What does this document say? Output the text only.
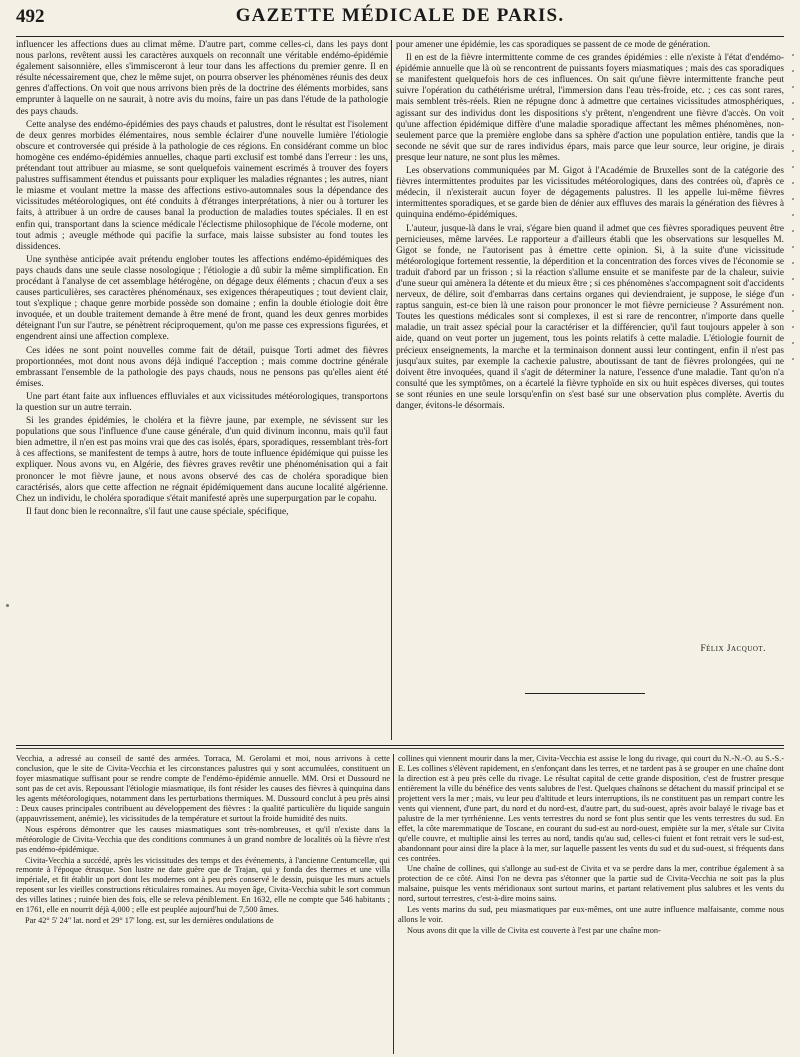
492	GAZETTE MÉDICALE DE PARIS.

influencer les affections dues au climat même. D'autre part, comme celles-ci, dans les pays dont nous parlons, revêtent aussi les caractères auxquels on reconnaît une véritable endémo-épidémie également saisonnière, elles s'immisceront à leur tour dans les affections du premier genre. Il en résulte nécessairement que, chez le même sujet, on pourra observer les phénomènes réunis des deux genres d'affections. On voit que nous arrivons bien près de la doctrine des éléments morbides, sans emprunter à laquelle on ne saurait, à notre avis du moins, faire un pas dans l'étude de la pathologie des pays chauds.

Cette analyse des endémo-épidémies des pays chauds et palustres, dont le résultat est l'isolement de deux genres morbides élémentaires, nous semble éclairer d'une nouvelle lumière l'étiologie obscure et controversée qui préside à la pathologie de ces régions. En considérant comme un bloc homogène ces endémo-épidémies annuelles, chaque parti exclusif est tombé dans l'erreur : les uns, prétendant tout attribuer au miasme, se sont quelquefois vainement escrimés à trouver des foyers palustres suffisamment étendus et puissants pour expliquer les maladies régnantes ; les autres, niant le miasme et voulant mettre la masse des affections estivo-automnales sous la dépendance des vicissitudes météorologiques, ont été conduits à d'étranges interprétations, à nier ou à torturer les faits, à attribuer à un ordre de causes banal la production de maladies toutes spéciales. Il en est enfin qui, transportant dans la science médicale l'éclectisme philosophique de l'école moderne, ont tout admis ; aveugle méthode qui pacifie la surface, mais laisse subsister au fond toutes les dissidences.

Une synthèse anticipée avait prétendu englober toutes les affections endémo-épidémiques des pays chauds dans une seule classe nosologique ; l'étiologie a dû subir la même simplification. En procédant à l'analyse de cet assemblage hétérogène, on dégage deux éléments ; chacun d'eux a ses causes particulières, ses caractères phénoménaux, ses exigences thérapeutiques ; tout devient clair, tout s'explique ; chaque genre morbide possède son domaine ; enfin la double étiologie doit être invoquée, et un double traitement demande à être mené de front, quand les deux genres morbides déteignant l'un sur l'autre, se pénètrent réciproquement, qu'on me passe ces expressions figurées, et engendrent ainsi une affection complexe.

Ces idées ne sont point nouvelles comme fait de détail, puisque Torti admet des fièvres proportionnées, mot dont nous avons déjà indiqué l'acception ; mais comme doctrine générale embrassant l'ensemble de la pathologie des pays chauds, nous ne pensons pas qu'elles aient été émises.

Une part étant faite aux influences effluviales et aux vicissitudes météorologiques, transportons la question sur un autre terrain.

Si les grandes épidémies, le choléra et la fièvre jaune, par exemple, ne sévissent sur les populations que sous l'influence d'une cause générale, d'un quid divinum inconnu, mais qu'il faut bien admettre, il n'en est pas moins vrai que des cas isolés, épars, sporadiques, ressemblant très-fort à ces affections, se manifestent de temps à autre, hors de toute influence épidémique qui puisse les expliquer. Nous avons vu, en Algérie, des fièvres graves revêtir une phénoménisation qui a fait prononcer le mot fièvre jaune, et nous avons observé des cas de choléra sporadique bien caractérisés, alors que cette affection ne régnait épidémiquement dans aucune localité algérienne. Chez un individu, le choléra sporadique s'était manifesté après une superpurgation par le copahu.

Il faut donc bien le reconnaître, s'il faut une cause spéciale, spécifique,

pour amener une épidémie, les cas sporadiques se passent de ce mode de génération.

Il en est de la fièvre intermittente comme de ces grandes épidémies : elle n'existe à l'état d'endémo-épidémie annuelle que là où se rencontrent de puissants foyers miasmatiques ; mais des cas sporadiques se manifestent quelquefois hors de ces influences. On sait qu'une fièvre intermittente franche peut suivre l'opération du cathétérisme urétral, l'immersion dans l'eau très-froide, etc. ; ces cas sont rares, mais semblent très-réels. Rien ne répugne donc à admettre que certaines vicissitudes atmosphériques, agissant sur des individus dont les dispositions s'y prêtent, n'engendrent une fièvre d'accès. On voit qu'une affection épidémique diffère d'une maladie sporadique affectant les mêmes phénomènes, non-seulement parce que la première englobe dans sa sphère d'action une population entière, tandis que la seconde ne sévit que sur de rares individus épars, mais parce que leur source, leur origine, je dirais presque leur nature, ne sont plus les mêmes.

Les observations communiquées par M. Gigot à l'Académie de Bruxelles sont de la catégorie des fièvres intermittentes produites par les vicissitudes météorologiques, dans des contrées où, d'après ce médecin, il n'existerait aucun foyer de dégagements palustres. Il les appelle lui-même fièvres intermittentes sporadiques, et se garde bien de dénier aux effluves des marais la génération des fièvres à quinquina endémo-épidémiques.

L'auteur, jusque-là dans le vrai, s'égare bien quand il admet que ces fièvres sporadiques peuvent être pernicieuses, même larvées. Le rapporteur a d'ailleurs établi que les observations sur lesquelles M. Gigot se fonde, ne l'autorisent pas à émettre cette opinion. Si, à la suite d'une vicissitude météorologique fortement ressentie, la déperdition et la concentration des forces vives de l'économie se traduit d'abord par un frisson ; si la réaction s'allume ensuite et se manifeste par de la chaleur, suivie d'une sueur qui amènera la détente et du mieux être ; si ces phénomènes s'accompagnent soit d'accidents nerveux, de délire, soit d'embarras dans certains organes qui deviendraient, je suppose, le siége d'un raptus sanguin, est-ce bien là une raison pour prononcer le mot fièvre pernicieuse ? Assurément non. Toutes les questions médicales sont si complexes, il est si rare de rencontrer, n'importe dans quelle maladie, un trait assez spécial pour la caractériser et la différencier, qu'il faut toujours appeler à son aide, quand on veut porter un jugement, tous les points relatifs à cette maladie. L'étiologie fournit de précieux enseignements, la marche et la terminaison donnent aussi leur contingent, enfin il n'est pas jusqu'aux suites, par exemple la cachexie palustre, aboutissant de tant de fièvres prolongées, qui ne doivent être invoquées, quand il s'agit de déterminer la nature, l'essence d'une maladie. Tant qu'on n'a consulté que les symptômes, on a écartelé la fièvre typhoïde en six ou huit espèces diverses, qui toutes se sont réunies en une seule lorsqu'enfin on s'est basé sur une observation plus complète. Avertis du danger, évitons-le désormais.

Félix Jacquot.

Vecchia, a adressé au conseil de santé des armées. Torraca, M. Gerolami et moi, nous arrivons à cette conclusion, que le site de Civita-Vecchia et les circonstances palustres qui y sont accumulées, constituent un foyer miasmatique suffisant pour se rendre compte de l'endémo-épidémie annuelle. MM. Orsi et Dussourd ne sont pas de cet avis. Repoussant l'étiologie miasmatique, ils font résider les causes des fièvres à quinquina dans les agents météorologiques, notamment dans les perturbations thermiques. M. Dussourd conclut à peu près ainsi : Deux causes principales contribuent au développement des fièvres : la qualité particulière du liquide sanguin (appauvrissement, anémie), les vicissitudes de la température et surtout la froide humidité des nuits.

Nous espérons démontrer que les causes miasmatiques sont très-nombreuses, et qu'il n'existe dans la météorologie de Civita-Vecchia que des conditions communes à un grand nombre de localités où la fièvre n'est pas endémo-épidémique.

Civita-Vecchia a succédé, après les vicissitudes des temps et des événements, à l'ancienne Centumcellæ, qui remonte à l'époque étrusque. Son lustre ne date guère que de Trajan, qui y fonda des thermes et une villa impériale, et fit établir un port dont les modernes ont à peu près conservé le dessin, puisque les murs actuels reposent sur les vieilles constructions réticulaires romaines. Au moyen âge, Civita-Vecchia subit le sort commun des villes latines ; ruinée bien des fois, elle se releva péniblement. En 1632, elle ne compte que 546 habitants ; en 1761, elle en nourrit déjà 4,000 ; elle est peuplée aujourd'hui de 7,500 âmes.

Par 42° 5' 24" lat. nord et 29° 17' long. est, sur les dernières ondulations de

collines qui viennent mourir dans la mer, Civita-Vecchia est assise le long du rivage, qui court du N.-N.-O. au S.-S.-E. Les collines s'élèvent rapidement, en s'enfonçant dans les terres, et ne tardent pas à se grouper en une chaîne dont la direction est à peu près celle du rivage. Le résultat capital de cette grande disposition, c'est de frustrer presque entièrement la ville du bénéfice des vents salubres de l'est. Quelques chaînons se détachent du massif principal et se projettent vers la mer ; mais, vu leur peu d'altitude et leurs interruptions, ils ne constituent pas un rempart contre les vents qui viennent, d'une part, du nord et du nord-est, d'autre part, du sud-ouest, après avoir balayé le rivage bas et palustre de la mer tyrrhénienne. Les vents terrestres du nord se font plus sentir que les vents terrestres du sud. En effet, la côte maremmatique de Toscane, en courant du sud-est au nord-ouest, empiète sur la mer, s'étale sur Civita qu'elle couvre, et multiplie ainsi les terres au nord, tandis qu'au sud, celles-ci fuient et font retrait vers le sud-est, abandonnant pour ainsi dire la place à la mer, sur laquelle passent les vents du sud et du sud-ouest, si fréquents dans ces contrées.

Une chaîne de collines, qui s'allonge au sud-est de Civita et va se perdre dans la mer, contribue également à sa protection de ce côté. Ainsi l'on ne devra pas s'étonner que la partie sud de Civita-Vecchia ne soit pas la plus malsaine, puisque les vents méridionaux sont surtout marins, et partant relativement plus salubres et les vents du nord, surtout terrestres, c'est-à-dire moins sains.

Les vents marins du sud, peu miasmatiques par eux-mêmes, ont une autre influence malfaisante, comme nous allons le voir.

Nous avons dit que la ville de Civita est couverte à l'est par une chaîne mon-
